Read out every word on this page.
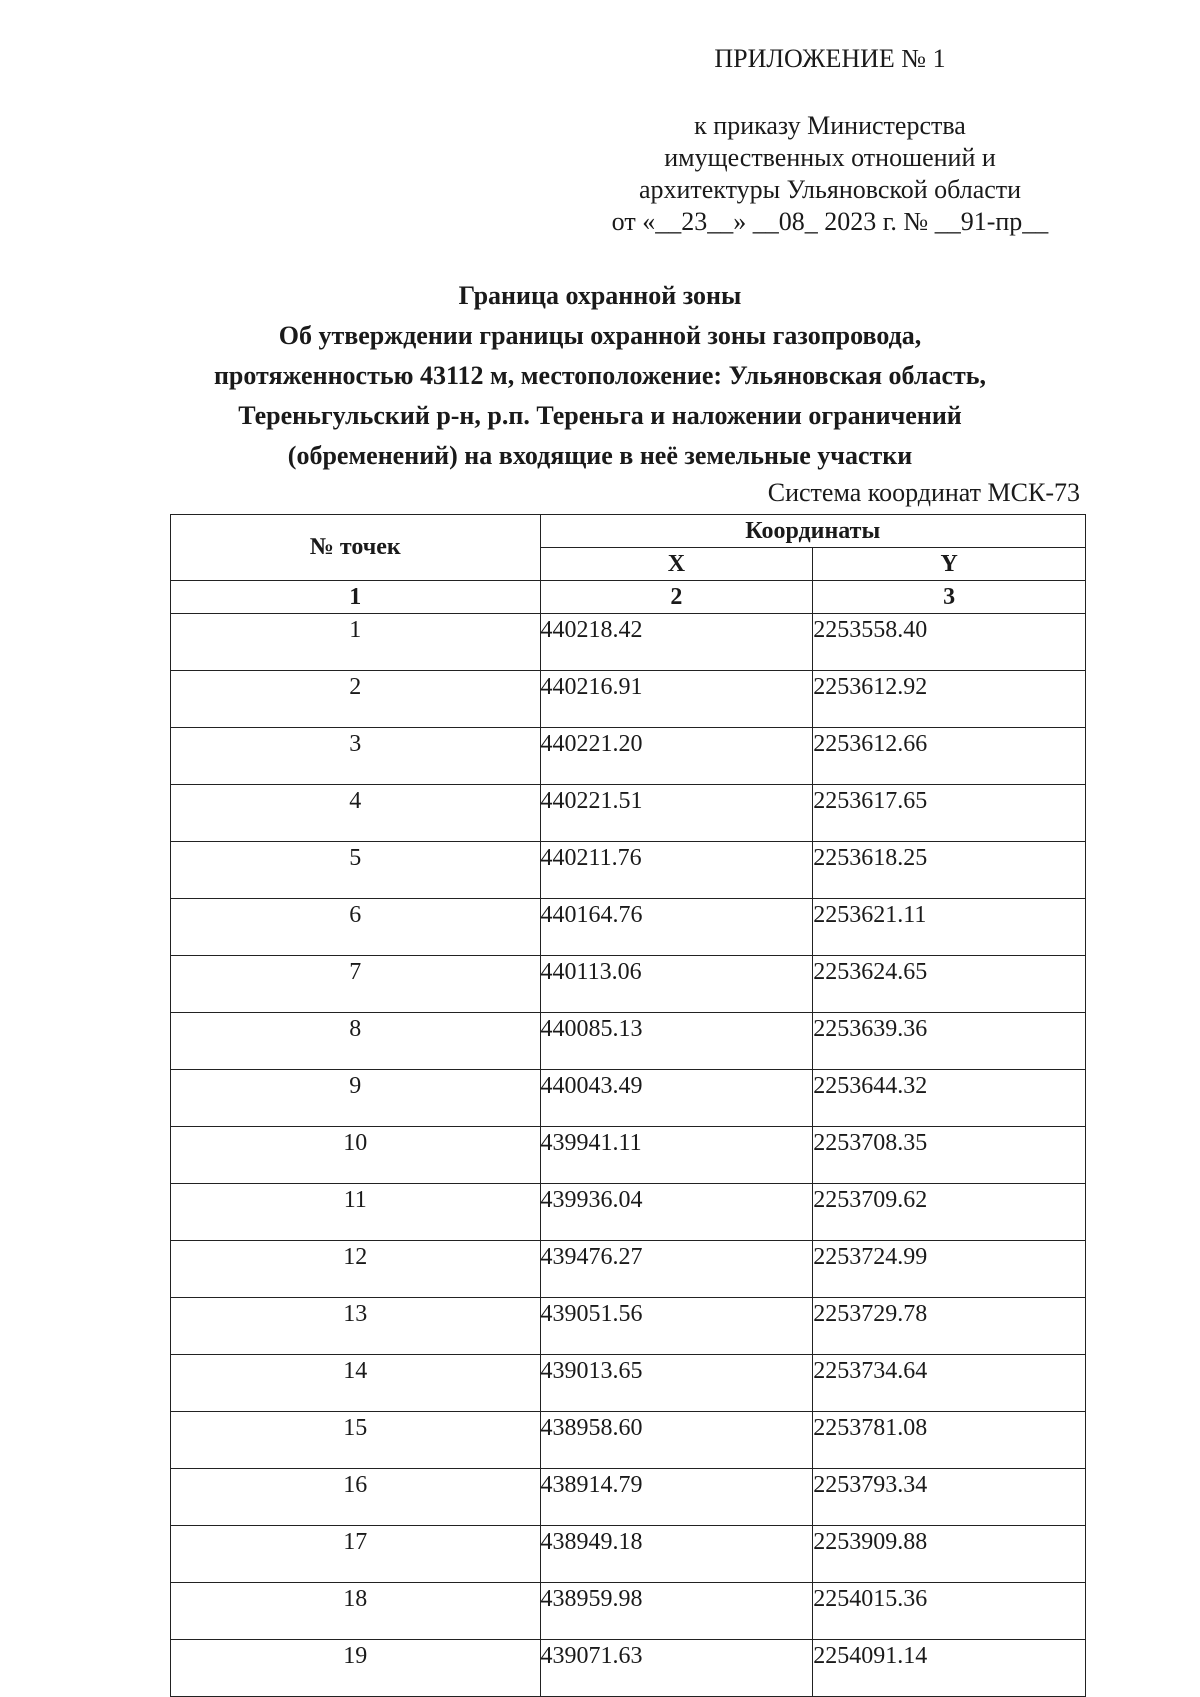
ПРИЛОЖЕНИЕ № 1
к приказу Министерства
имущественных отношений и
архитектуры Ульяновской области
от «__23__» __08_ 2023 г. № __91-пр__
Граница охранной зоны
Об утверждении границы охранной зоны газопровода,
протяженностью 43112 м, местоположение: Ульяновская область,
Тереньгульский р-н, р.п. Тереньга и наложении ограничений
(обременений) на входящие в неё земельные участки
Система координат МСК-73
№ точек	Координаты	
	X	Y
1	2	3
1	440218.42	2253558.40
2	440216.91	2253612.92
3	440221.20	2253612.66
4	440221.51	2253617.65
5	440211.76	2253618.25
6	440164.76	2253621.11
7	440113.06	2253624.65
8	440085.13	2253639.36
9	440043.49	2253644.32
10	439941.11	2253708.35
11	439936.04	2253709.62
12	439476.27	2253724.99
13	439051.56	2253729.78
14	439013.65	2253734.64
15	438958.60	2253781.08
16	438914.79	2253793.34
17	438949.18	2253909.88
18	438959.98	2254015.36
19	439071.63	2254091.14
